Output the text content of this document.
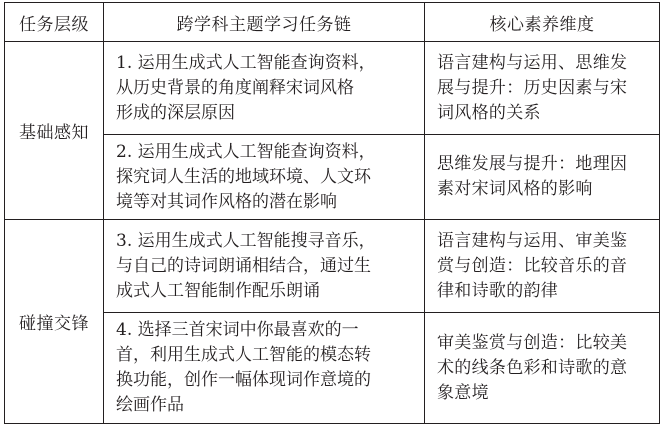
任务层级	跨学科主题学习任务链	核心素养维度
基础感知	1. 运用生成式人工智能查询资料，
从历史背景的角度阐释宋词风格
形成的深层原因	语言建构与运用、思维发
展与提升：历史因素与宋
词风格的关系

	2. 运用生成式人工智能查询资料，
探究词人生活的地域环境、人文环
境等对其词作风格的潜在影响	思维发展与提升：地理因
素对宋词风格的影响

碰撞交锋	3. 运用生成式人工智能搜寻音乐，
与自己的诗词朗诵相结合，通过生
成式人工智能制作配乐朗诵	语言建构与运用、审美鉴
赏与创造：比较音乐的音
律和诗歌的韵律

	4. 选择三首宋词中你最喜欢的一
首，利用生成式人工智能的模态转
换功能，创作一幅体现词作意境的
绘画作品	审美鉴赏与创造：比较美
术的线条色彩和诗歌的意
象意境
